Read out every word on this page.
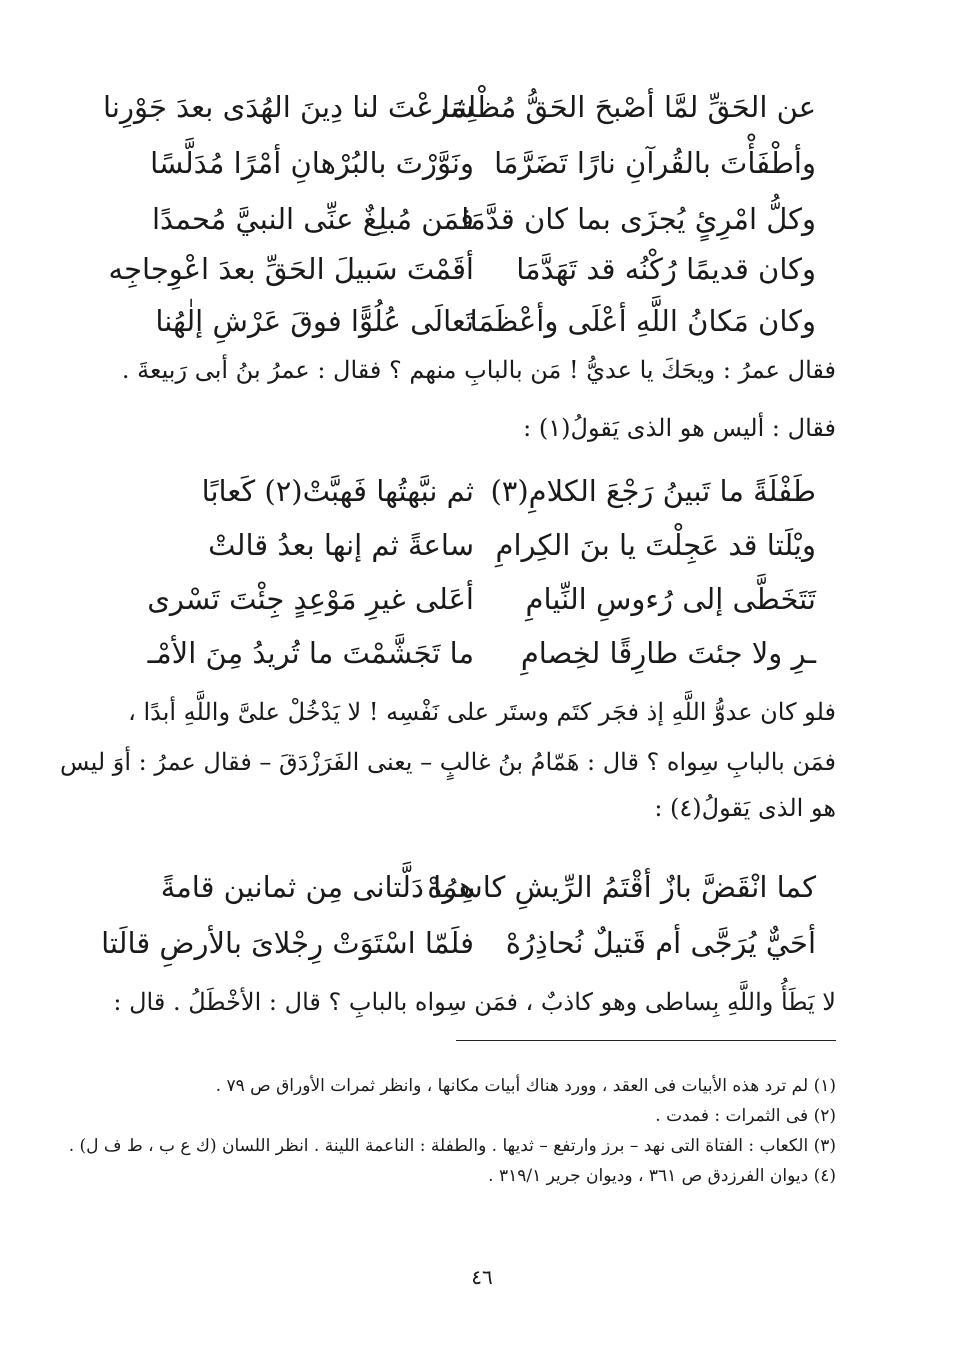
شرعْتَ لنا دِينَ الهُدَى بعدَ جَوْرِنا
عن الحَقِّ لمَّا أصْبحَ الحَقُّ مُظْلِمَا
ونَوَّرْتَ بالبُرْهانِ أمْرًا مُدَلَّسًا وأطْفَأْتَ بالقُرآنِ نارًا تَضَرَّمَا
فمَن مُبلِغٌ عنِّى النبيَّ مُحمدًا
وكلُّ امْرِئٍ يُجزَى بما كان قدَّمَا
أقَمْتَ سَبيلَ الحَقِّ بعدَ اعْوِجاجِه	وكان قديمًا رُكْنُه قد تَهَدَّمَا
تَعالَى عُلُوًّا فوقَ عَرْشِ إلٰهُنا
وكان مَكانُ اللَّهِ أعْلَى وأعْظَمَا
فقال عمرُ : ويحَكَ يا عديُّ ! مَن بالبابِ منهم ؟ فقال : عمرُ بنُ أبى رَبيعةَ .
فقال : أليس هو الذى يَقولُ(١) :
ثم نبَّهتُها فَهبَّتْ(٢) كَعابًا طَفْلَةً ما تَبينُ رَجْعَ الكلامِ(٣)
ساعةً ثم إنها بعدُ قالتْ ويْلَتا قد عَجِلْتَ يا بنَ الكِرامِ
أعَلى غيرِ مَوْعِدٍ جِئْتَ تَسْرى	تَتَخَطَّى إلى رُءوسِ النِّيامِ
ما تَجَشَّمْتَ ما تُريدُ مِنَ الأمْـ	ـرِ ولا جئتَ طارِقًا لخِصامِ
فلو كان عدوُّ اللَّهِ إذ فجَر كتَم وستَر على نَفْسِه ! لا يَدْخُلْ علىَّ واللَّهِ أبدًا ،
فمَن بالبابِ سِواه ؟ قال : هَمّامُ بنُ غالبٍ – يعنى الفَرَزْدَقَ – فقال عمرُ : أوَ ليس
هو الذى يَقولُ(٤) :
هما دَلَّتانى مِن ثمانين قامةً
كما انْقَضَّ بازٌ أقْتَمُ الرِّيشِ كاسِرُهْ
فلَمّا اسْتَوَتْ رِجْلاىَ بالأرضِ قالَتا	أحَيٌّ يُرَجَّى أم قَتيلٌ نُحاذِرُهْ
لا يَطَأُ واللَّهِ بِساطى وهو كاذبٌ ، فمَن سِواه بالبابِ ؟ قال : الأخْطَلُ . قال :
(١) لم ترد هذه الأبيات فى العقد ، وورد هناك أبيات مكانها ، وانظر ثمرات الأوراق ص ٧٩ .
(٢) فى الثمرات : فمدت .
(٣) الكعاب : الفتاة التى نهد – برز وارتفع – ثديها . والطفلة : الناعمة اللينة . انظر اللسان (ك ع ب ، ط ف ل) .
(٤) ديوان الفرزدق ص ٣٦١ ، وديوان جرير ٣١٩/١ .
٤٦
